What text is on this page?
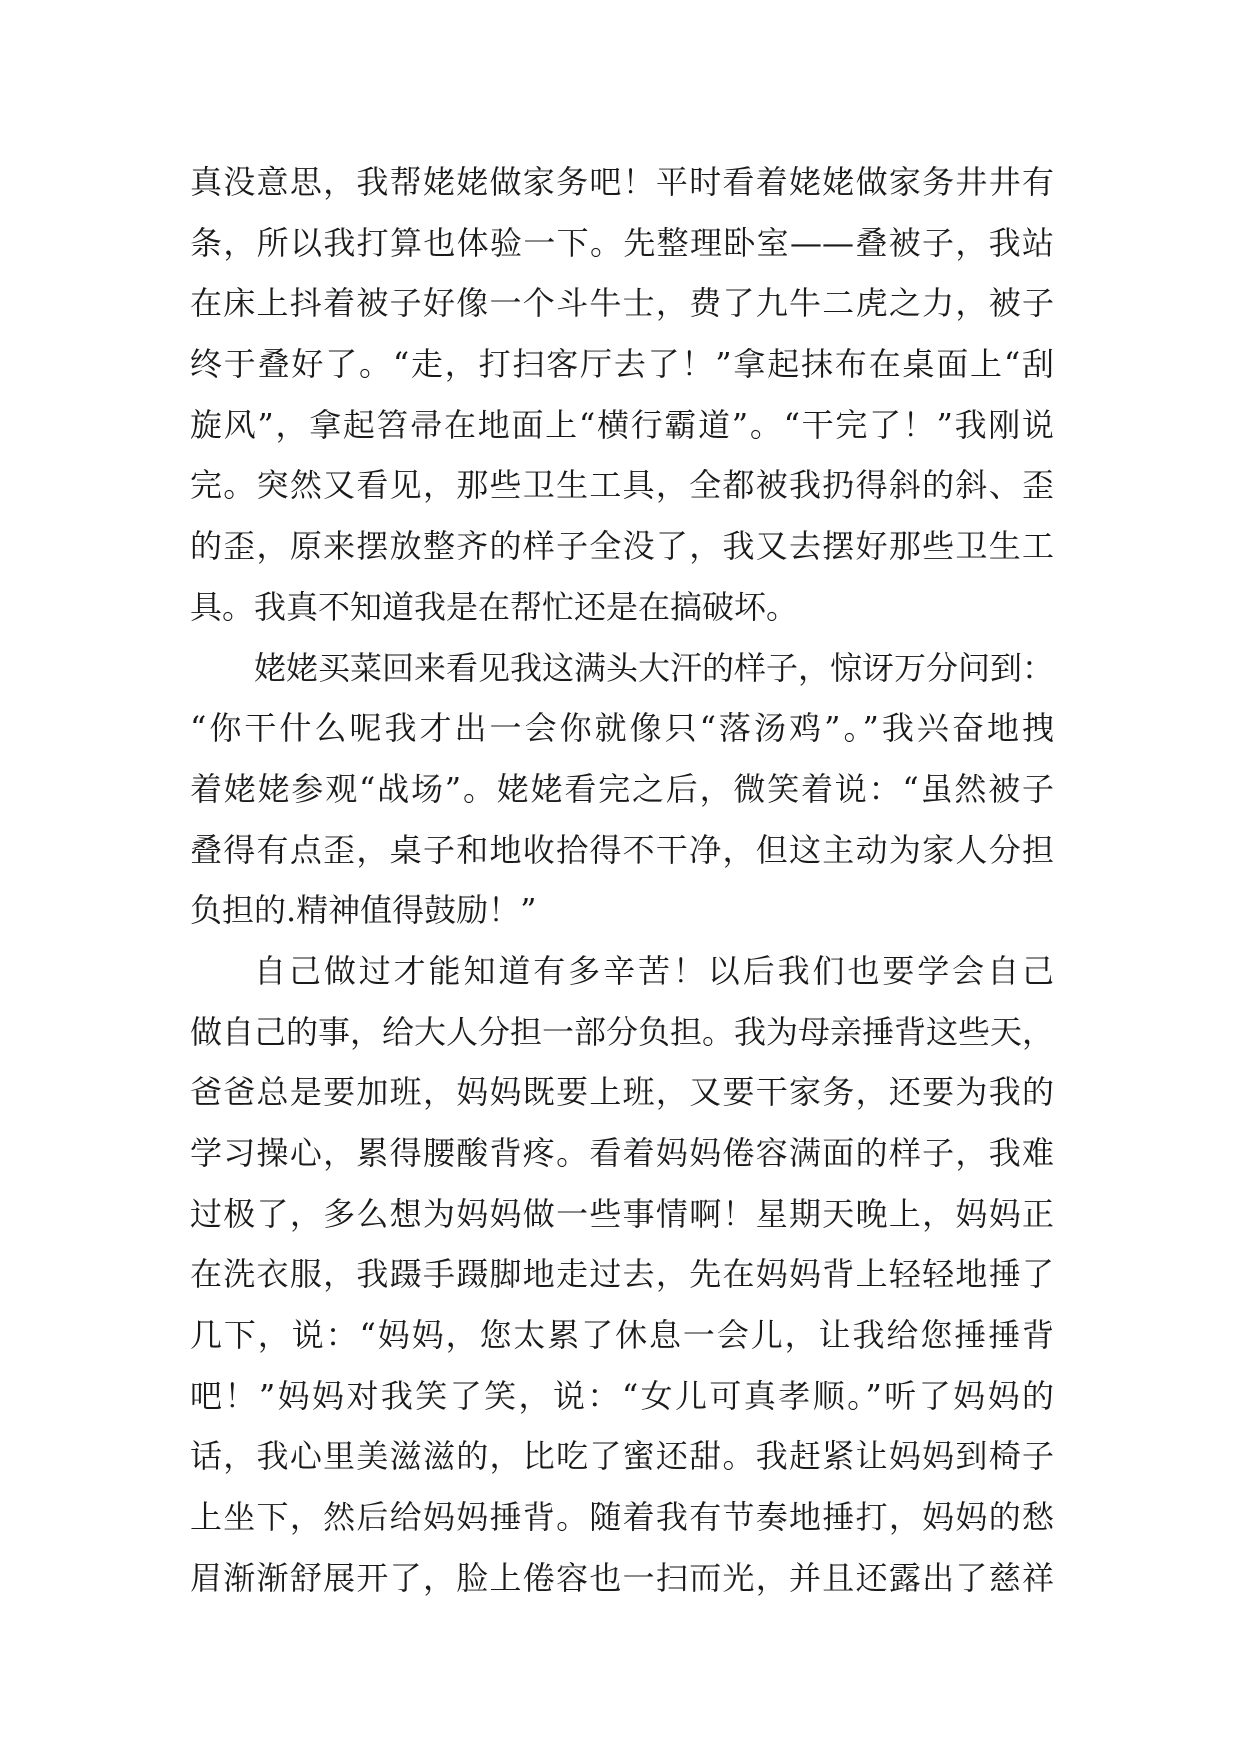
真没意思，我帮姥姥做家务吧！平时看着姥姥做家务井井有
条，所以我打算也体验一下。先整理卧室——叠被子，我站
在床上抖着被子好像一个斗牛士，费了九牛二虎之力，被子
终于叠好了。“走，打扫客厅去了！”拿起抹布在桌面上“刮
旋风”，拿起笤帚在地面上“横行霸道”。“干完了！”我刚说
完。突然又看见，那些卫生工具，全都被我扔得斜的斜、歪
的歪，原来摆放整齐的样子全没了，我又去摆好那些卫生工
具。我真不知道我是在帮忙还是在搞破坏。
姥姥买菜回来看见我这满头大汗的样子，惊讶万分问到：
“你干什么呢我才出一会你就像只“落汤鸡”。”我兴奋地拽
着姥姥参观“战场”。姥姥看完之后，微笑着说：“虽然被子
叠得有点歪，桌子和地收拾得不干净，但这主动为家人分担
负担的.精神值得鼓励！”
自己做过才能知道有多辛苦！以后我们也要学会自己
做自己的事，给大人分担一部分负担。我为母亲捶背这些天，
爸爸总是要加班，妈妈既要上班，又要干家务，还要为我的
学习操心，累得腰酸背疼。看着妈妈倦容满面的样子，我难
过极了，多么想为妈妈做一些事情啊！星期天晚上，妈妈正
在洗衣服，我蹑手蹑脚地走过去，先在妈妈背上轻轻地捶了
几下，说：“妈妈，您太累了休息一会儿，让我给您捶捶背
吧！”妈妈对我笑了笑，说：“女儿可真孝顺。”听了妈妈的
话，我心里美滋滋的，比吃了蜜还甜。我赶紧让妈妈到椅子
上坐下，然后给妈妈捶背。随着我有节奏地捶打，妈妈的愁
眉渐渐舒展开了，脸上倦容也一扫而光，并且还露出了慈祥
